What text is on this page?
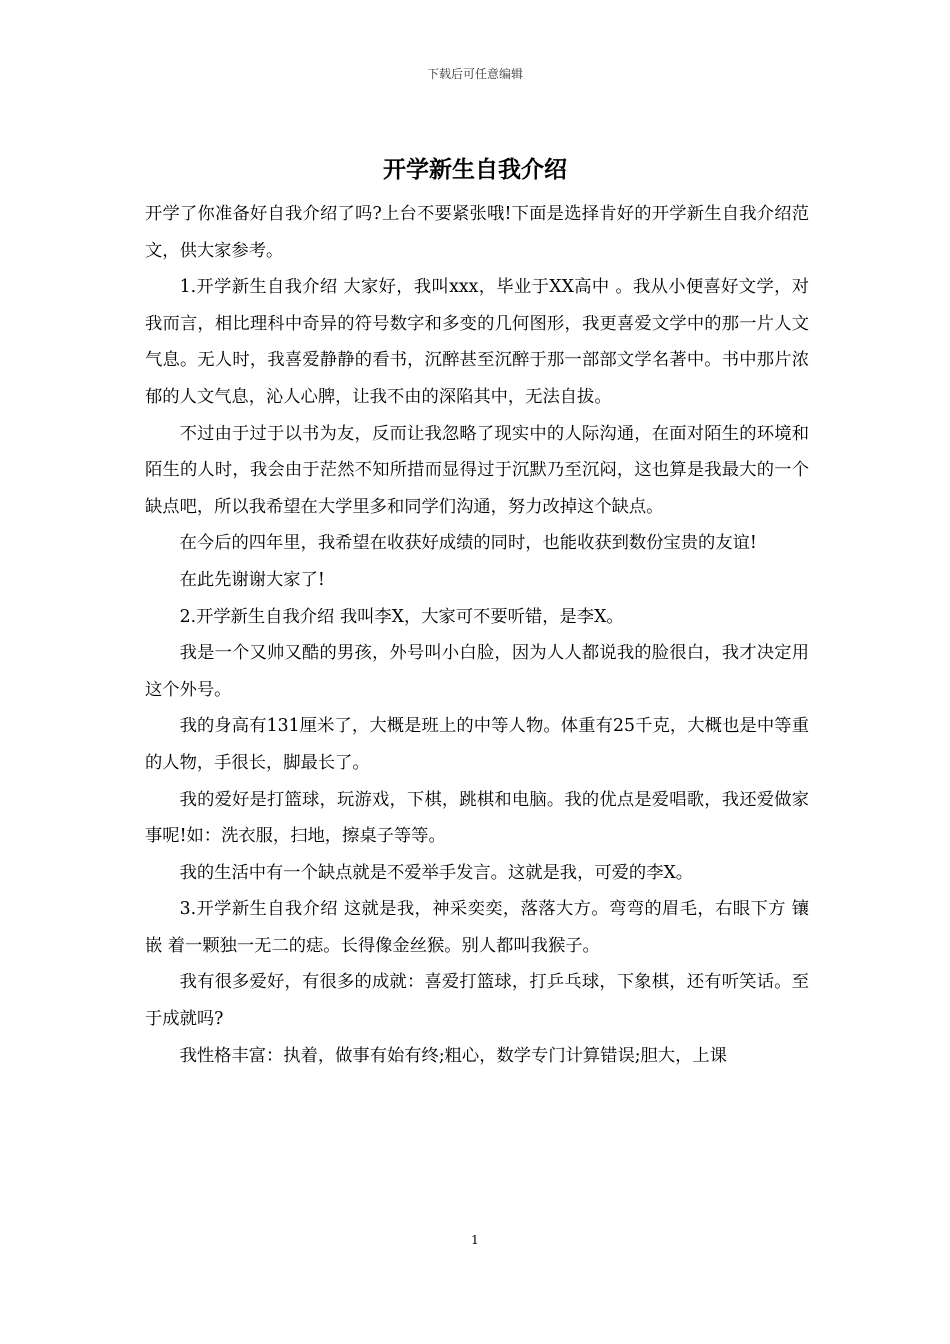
下载后可任意编辑
开学新生自我介绍

开学了你准备好自我介绍了吗?上台不要紧张哦!下面是选择肯好的开学新生自我介绍范文，供大家参考。

1.开学新生自我介绍 大家好，我叫xxx，毕业于XX高中 。我从小便喜好文学，对我而言，相比理科中奇异的符号数字和多变的几何图形，我更喜爱文学中的那一片人文气息。无人时，我喜爱静静的看书，沉醉甚至沉醉于那一部部文学名著中。书中那片浓郁的人文气息，沁人心脾，让我不由的深陷其中，无法自拔。

不过由于过于以书为友，反而让我忽略了现实中的人际沟通，在面对陌生的环境和陌生的人时，我会由于茫然不知所措而显得过于沉默乃至沉闷，这也算是我最大的一个缺点吧，所以我希望在大学里多和同学们沟通，努力改掉这个缺点。

在今后的四年里，我希望在收获好成绩的同时，也能收获到数份宝贵的友谊!

在此先谢谢大家了!

2.开学新生自我介绍 我叫李X，大家可不要听错，是李X。

我是一个又帅又酷的男孩，外号叫小白脸，因为人人都说我的脸很白，我才决定用这个外号。

我的身高有131厘米了，大概是班上的中等人物。体重有25千克，大概也是中等重的人物，手很长，脚最长了。

我的爱好是打篮球，玩游戏，下棋，跳棋和电脑。我的优点是爱唱歌，我还爱做家事呢!如：洗衣服，扫地，擦桌子等等。

我的生活中有一个缺点就是不爱举手发言。这就是我，可爱的李X。

3.开学新生自我介绍 这就是我，神采奕奕，落落大方。弯弯的眉毛，右眼下方 镶嵌 着一颗独一无二的痣。长得像金丝猴。别人都叫我猴子。

我有很多爱好，有很多的成就：喜爱打篮球，打乒乓球，下象棋，还有听笑话。至于成就吗?

我性格丰富：执着，做事有始有终;粗心，数学专门计算错误;胆大，上课

1
